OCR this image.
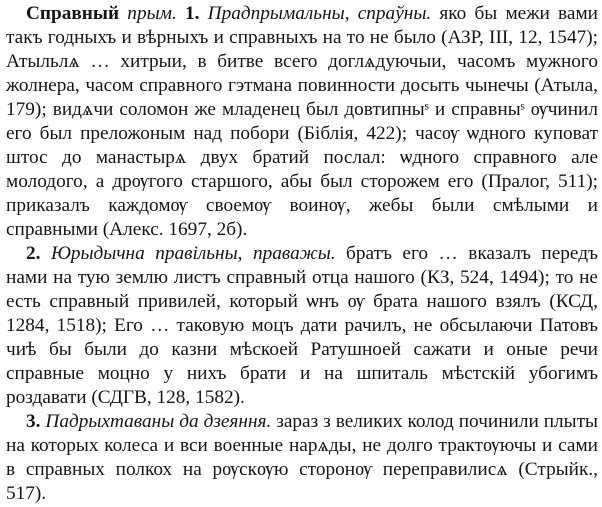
Справный прым. 1. Прадпрымальны, спраўны. яко бы межи вами такъ годныхъ и вѣрныхъ и справныхъ на то не было (АЗР, III, 12, 1547); Атыльлѧ … хитрыи, в битве всего доглѧдуючыи, часомъ мужного жолнера, часом справного гэтмана повинности досыть чынечы (Атыла, 179); видѧчи соломон же младенец был довтипныˢ и справныˢ ѹчинил его был преложоным над побори (Біблія, 422); часѹ ѡдного куповат штос до манастырѧ двух братий послал: ѡдного справного але молодого, а дрѹгого старшого, абы был сторожем его (Пралог, 511); приказалъ каждомѹ своемѹ воинѹ, жебы были смѣлыми и справными (Алекс. 1697, 2б).

2. Юрыдычна правільны, праважы. братъ его … вказалъ передъ нами на тую землю листъ справный отца нашого (КЗ, 524, 1494); то не есть справный привилей, который ѡнъ ѹ брата нашого взялъ (КСД, 1284, 1518); Его … таковую моцъ дати рачилъ, не обсылаючи Патовъ чиѣ бы были до казни мѣскоей Ратушноей сажати и оные речи справные моцно у нихъ брати и на шпиталь мѣстскій убогимъ роздавати (СДГВ, 128, 1582).

3. Падрыхтаваны да дзеяння. зараз з великих колод починили плыты на которых колеса и вси военные нарѧды, не долго трактѹючы и сами в справных полкох на рѹскѹю сторонѹ переправилисѧ (Стрыйк., 517).
